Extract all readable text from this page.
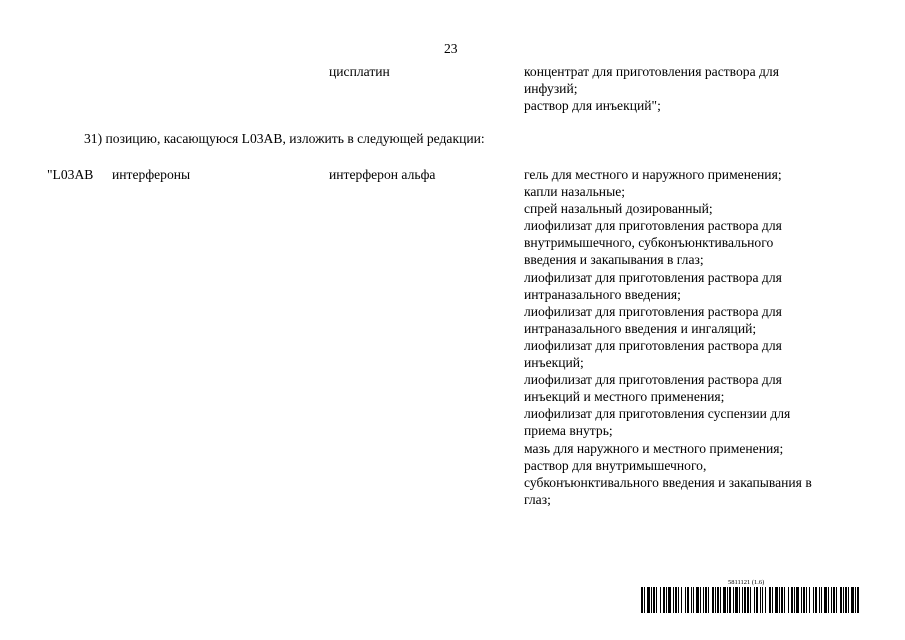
23
цисплатин	концентрат для приготовления раствора для
инфузий;
раствор для инъекций";
31) позицию, касающуюся L03AB, изложить в следующей редакции:
"L03AB интерфероны	интерферон альфа	гель для местного и наружного применения;
капли назальные;
спрей назальный дозированный;
лиофилизат для приготовления раствора для
внутримышечного, субконъюнктивального
введения и закапывания в глаз;
лиофилизат для приготовления раствора для
интраназального введения;
лиофилизат для приготовления раствора для
интраназального введения и ингаляций;
лиофилизат для приготовления раствора для
инъекций;
лиофилизат для приготовления раствора для
инъекций и местного применения;
лиофилизат для приготовления суспензии для
приема внутрь;
мазь для наружного и местного применения;
раствор для внутримышечного,
субконъюнктивального введения и закапывания в
глаз;
5811121 (1.6)
